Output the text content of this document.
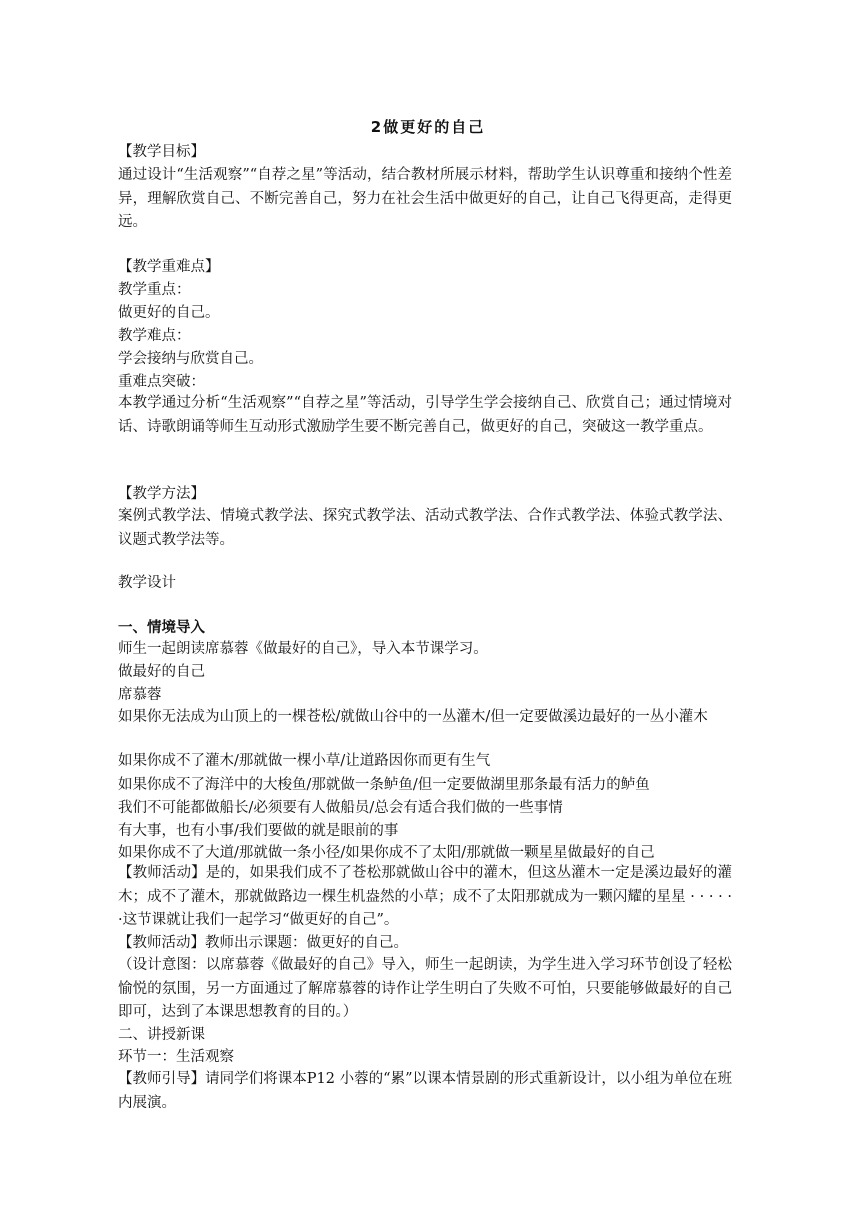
2做更好的自己
【教学目标】
通过设计“生活观察”“自荐之星”等活动，结合教材所展示材料，帮助学生认识尊重和接纳个性差异，理解欣赏自己、不断完善自己，努力在社会生活中做更好的自己，让自己飞得更高，走得更远。
【教学重难点】
教学重点：
做更好的自己。
教学难点：
学会接纳与欣赏自己。
重难点突破：
本教学通过分析“生活观察”“自荐之星”等活动，引导学生学会接纳自己、欣赏自己；通过情境对话、诗歌朗诵等师生互动形式激励学生要不断完善自己，做更好的自己，突破这一教学重点。
【教学方法】
案例式教学法、情境式教学法、探究式教学法、活动式教学法、合作式教学法、体验式教学法、议题式教学法等。
教学设计
一、情境导入
师生一起朗读席慕蓉《做最好的自己》，导入本节课学习。
做最好的自己
席慕蓉
如果你无法成为山顶上的一棵苍松/就做山谷中的一丛灌木/但一定要做溪边最好的一丛小灌木
如果你成不了灌木/那就做一棵小草/让道路因你而更有生气
如果你成不了海洋中的大梭鱼/那就做一条鲈鱼/但一定要做湖里那条最有活力的鲈鱼
我们不可能都做船长/必须要有人做船员/总会有适合我们做的一些事情
有大事，也有小事/我们要做的就是眼前的事
如果你成不了大道/那就做一条小径/如果你成不了太阳/那就做一颗星星做最好的自己
【教师活动】是的，如果我们成不了苍松那就做山谷中的灌木，但这丛灌木一定是溪边最好的灌木；成不了灌木，那就做路边一棵生机盎然的小草；成不了太阳那就成为一颗闪耀的星星 · · · · · ·这节课就让我们一起学习“做更好的自己”。
【教师活动】教师出示课题：做更好的自己。
（设计意图：以席慕蓉《做最好的自己》导入，师生一起朗读，为学生进入学习环节创设了轻松愉悦的氛围，另一方面通过了解席慕蓉的诗作让学生明白了失败不可怕，只要能够做最好的自己即可，达到了本课思想教育的目的。）
二、讲授新课
环节一：生活观察
【教师引导】请同学们将课本P12 小蓉的“累”以课本情景剧的形式重新设计，以小组为单位在班内展演。
